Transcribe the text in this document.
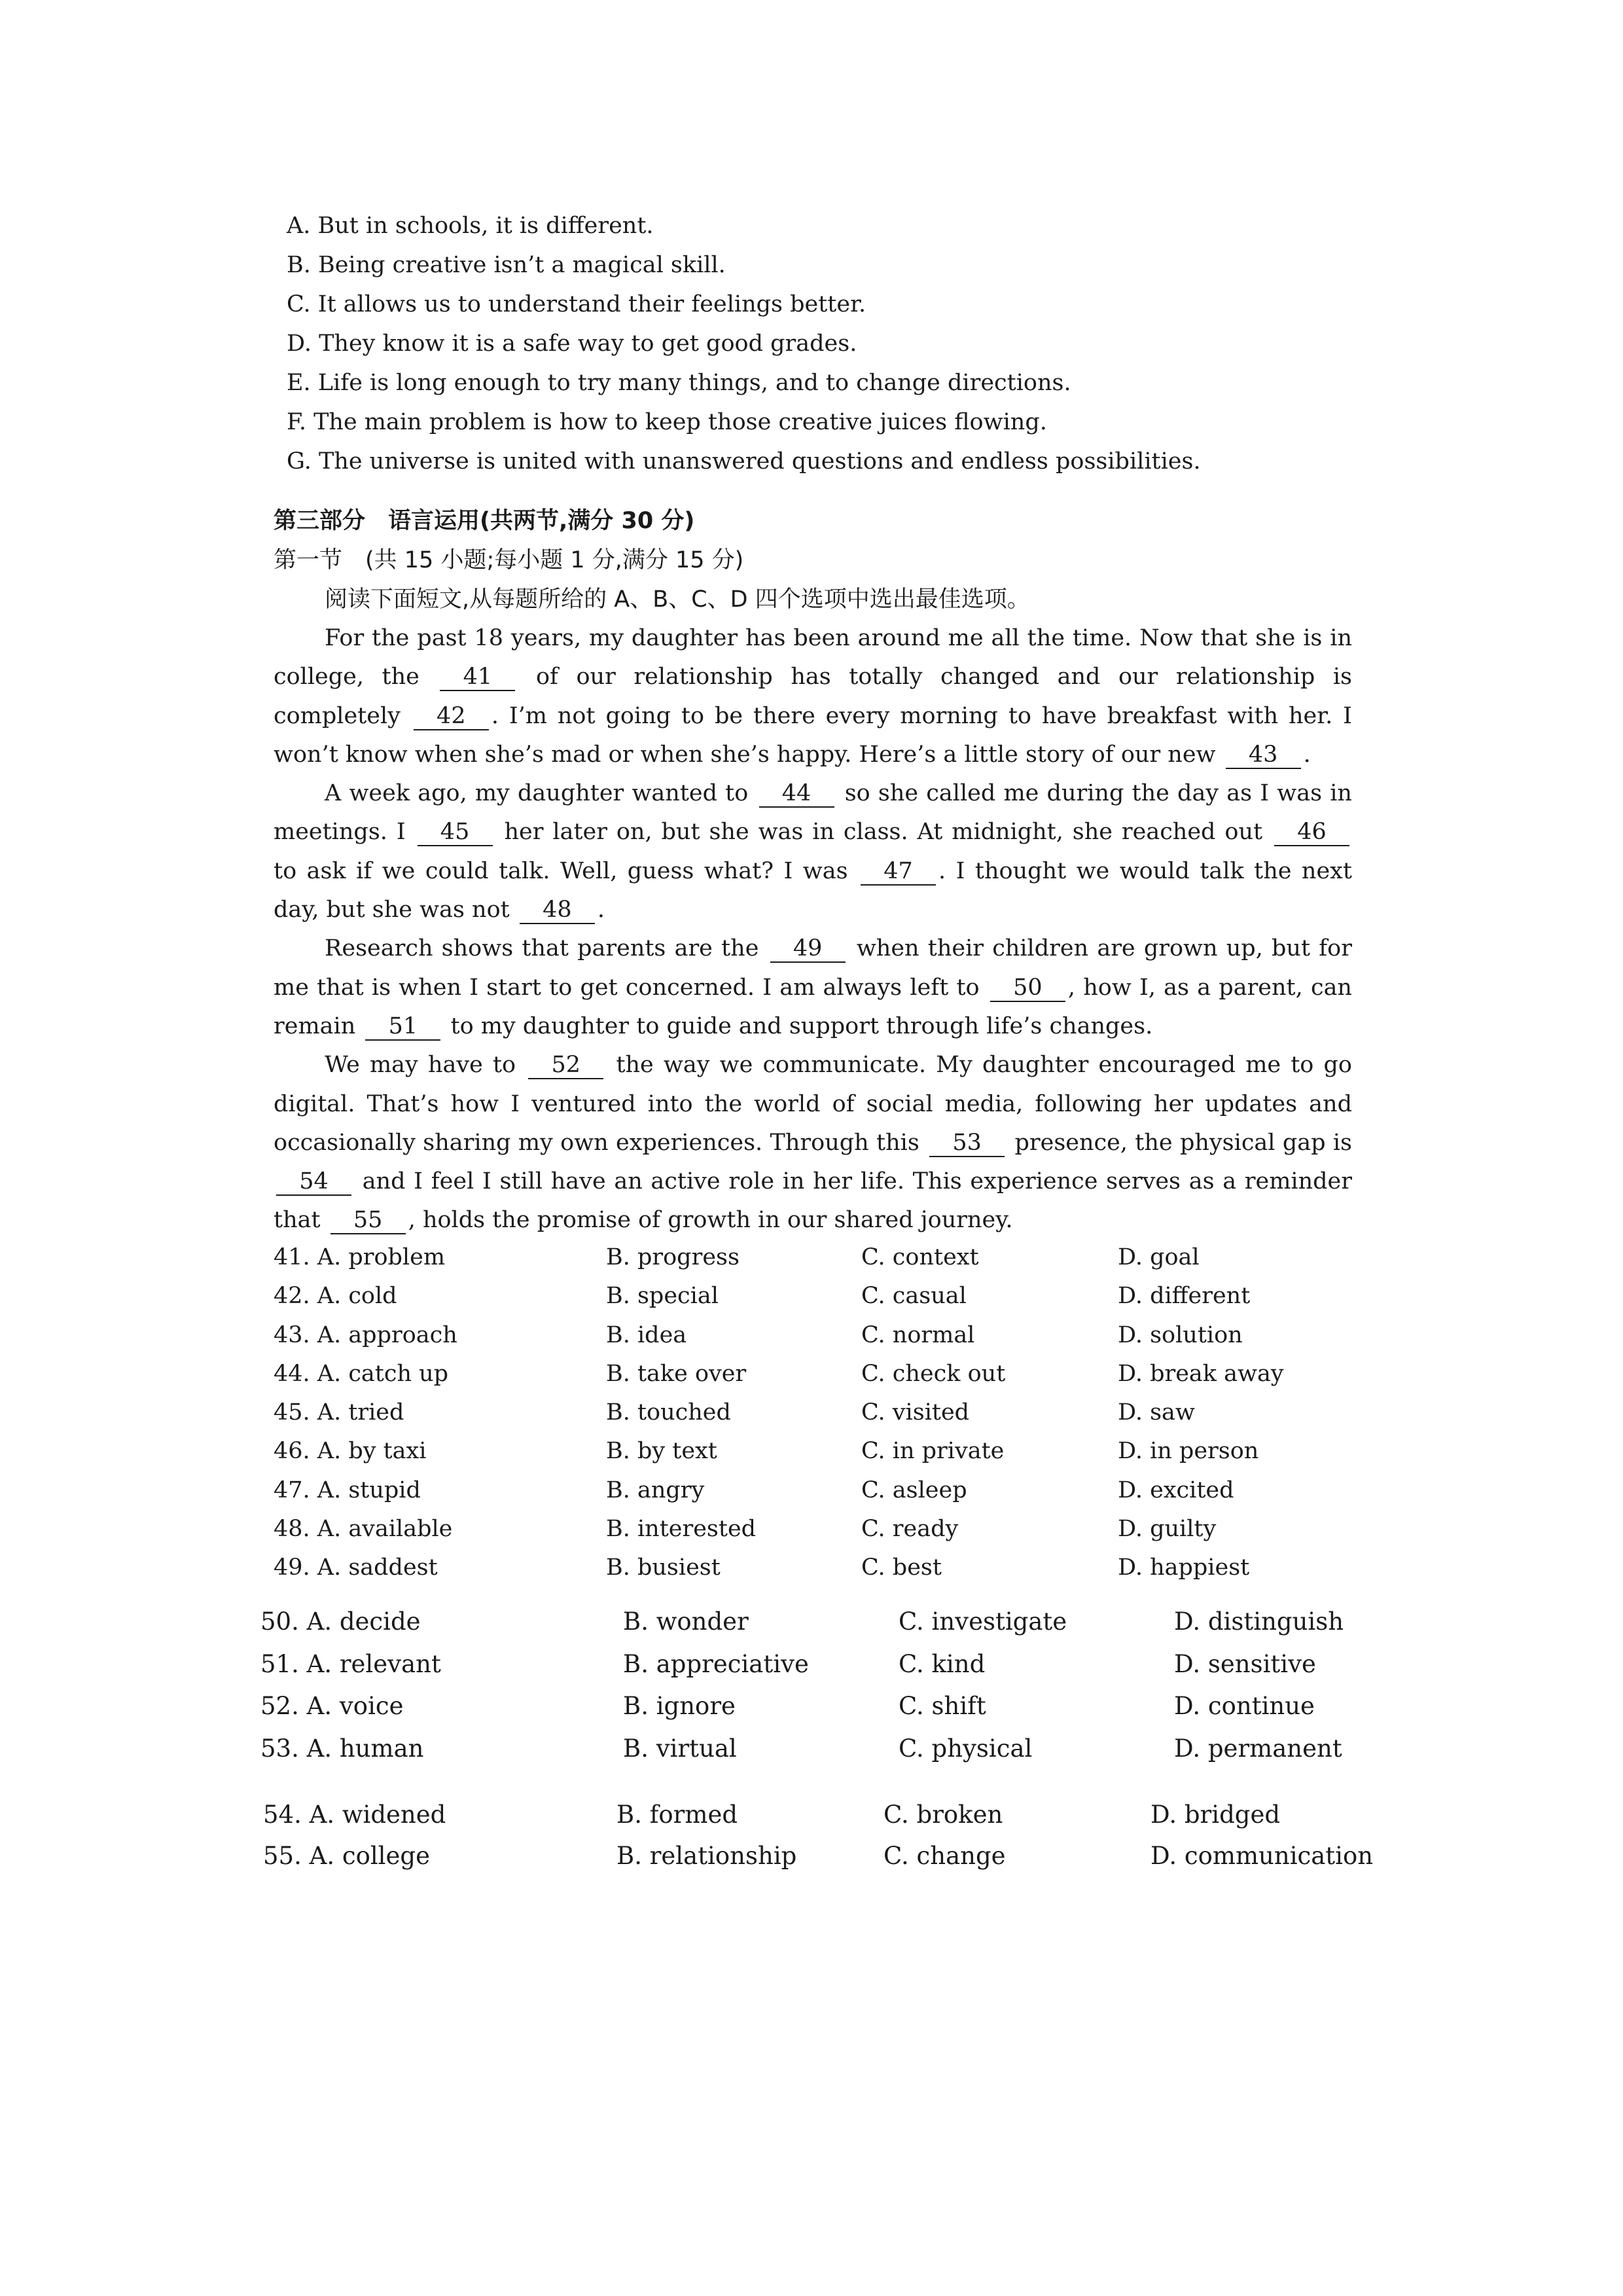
A. But in schools, it is different.
B. Being creative isn’t a magical skill.
C. It allows us to understand their feelings better.
D. They know it is a safe way to get good grades.
E. Life is long enough to try many things, and to change directions.
F. The main problem is how to keep those creative juices flowing.
G. The universe is united with unanswered questions and endless possibilities.
第三部分　语言运用(共两节,满分 30 分)
第一节　(共 15 小题;每小题 1 分,满分 15 分)
阅读下面短文,从每题所给的 A、B、C、D 四个选项中选出最佳选项。

For the past 18 years, my daughter has been around me all the time. Now that she is in college, the 41 of our relationship has totally changed and our relationship is completely 42 . I’m not going to be there every morning to have breakfast with her. I won’t know when she’s mad or when she’s happy. Here’s a little story of our new 43 .

A week ago, my daughter wanted to 44 so she called me during the day as I was in meetings. I 45 her later on, but she was in class. At midnight, she reached out 46 to ask if we could talk. Well, guess what? I was 47 . I thought we would talk the next day, but she was not 48 .

Research shows that parents are the 49 when their children are grown up, but for me that is when I start to get concerned. I am always left to 50 , how I, as a parent, can remain 51 to my daughter to guide and support through life’s changes.

We may have to 52 the way we communicate. My daughter encouraged me to go digital. That’s how I ventured into the world of social media, following her updates and occasionally sharing my own experiences. Through this 53 presence, the physical gap is 54 and I feel I still have an active role in her life. This experience serves as a reminder that 55 , holds the promise of growth in our shared journey.

41. A. problem	B. progress	C. context	D. goal
42. A. cold	B. special	C. casual	D. different
43. A. approach	B. idea	C. normal	D. solution
44. A. catch up	B. take over	C. check out	D. break away
45. A. tried	B. touched	C. visited	D. saw
46. A. by taxi	B. by text	C. in private	D. in person
47. A. stupid	B. angry	C. asleep	D. excited
48. A. available	B. interested	C. ready	D. guilty
49. A. saddest	B. busiest	C. best	D. happiest
50. A. decide	B. wonder	C. investigate	D. distinguish
51. A. relevant	B. appreciative	C. kind	D. sensitive
52. A. voice	B. ignore	C. shift	D. continue
53. A. human	B. virtual	C. physical	D. permanent
54. A. widened	B. formed	C. broken	D. bridged
55. A. college	B. relationship	C. change	D. communication
